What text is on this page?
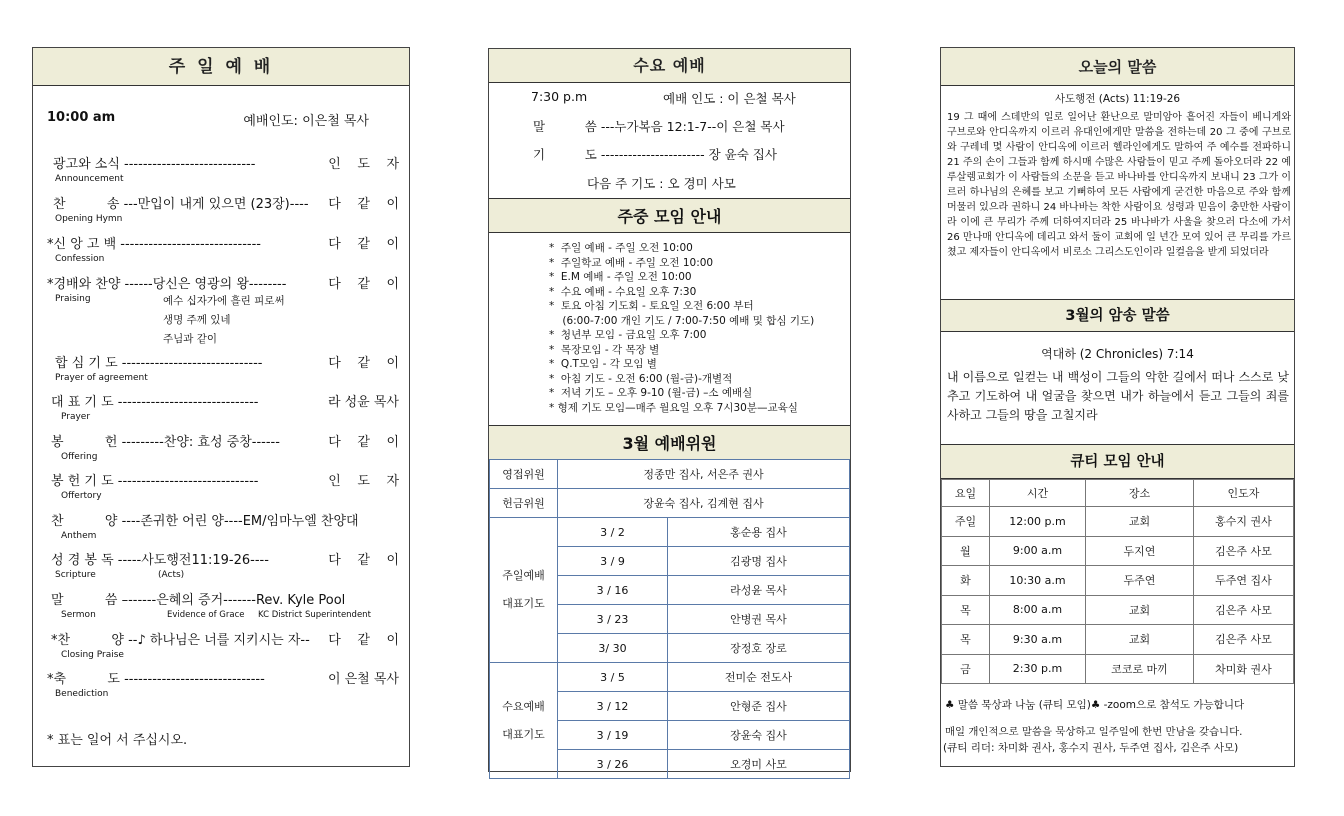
주 일 예 배
10:00 am	예배인도: 이은철 목사
광고와 소식 ----------------------------	인    도    자
Announcement
찬          송 ---만입이 내게 있으면 (23장)---- 다    같    이
Opening Hymn
*신 앙 고 백 ------------------------------	다    같    이
Confession
*경배와 찬양 ------당신은 영광의 왕--------	다    같    이
Praising	예수 십자가에 흘린 피로써
생명 주께 있네
주님과 같이
합 심 기 도 ------------------------------	다    같    이
Prayer of agreement
대 표 기 도 ------------------------------	라 성윤 목사
Prayer
봉          헌 ---------찬양: 효성 중창------	다    같    이
Offering
봉 헌 기 도 ------------------------------	인    도    자
Offertory
찬          양 ----존귀한 어린 양----EM/임마누엘 찬양대
Anthem
성 경 봉 독 -----사도행전11:19-26----	다    같    이
Scripture	(Acts)
말          씀 –------은혜의 증거-------Rev. Kyle Pool
Sermon	Evidence of Grace     KC District Superintendent
*찬          양 --♪ 하나님은 너를 지키시는 자-- 다    같    이
Closing Praise
*축          도 ------------------------------	이 은철 목사
Benediction
* 표는 일어 서 주십시오.
수요 예배
7:30 p.m	예배 인도 : 이 은철 목사
말          씀 ---누가복음 12:1-7--이 은철 목사
기          도 ----------------------- 장 윤숙 집사
다음 주 기도 : 오 경미 사모
주중 모임 안내
*  주일 예배 - 주일 오전 10:00
*  주일학교 예배 - 주일 오전 10:00
*  E.M 예배 - 주일 오전 10:00
*  수요 예배 - 수요일 오후 7:30
*  토요 아침 기도회 - 토요일 오전 6:00 부터
(6:00-7:00 개인 기도 / 7:00-7:50 예배 및 합심 기도)
*  청년부 모임 - 금요일 오후 7:00
*  목장모임 - 각 목장 별
*  Q.T모임 - 각 모임 별
*  아침 기도 - 오전 6:00 (월-금)-개별적
*  저녁 기도 – 오후 9-10 (월-금) –소 예배실
* 형제 기도 모임—매주 월요일 오후 7시30분—교육실
3월 예배위원
영접위원	정종만 집사, 서은주 권사	
헌금위원	장윤숙 집사, 김계현 집사	

주일예배
대표기도	3 / 2	홍순용 집사
	3 / 9	김광명 집사
	3 / 16	라성윤 목사
	3 / 23	안병권 목사
	3/ 30	장정호 장로

수요예배
대표기도	3 / 5	전미순 전도사
	3 / 12	안형준 집사
	3 / 19	장윤숙 집사
	3 / 26	오경미 사모
오늘의 말씀
사도행전 (Acts) 11:19-26
19 그 때에 스데반의 일로 일어난 환난으로 말미암아 흩어진 자들이 베니게와 구브로와 안디옥까지 이르러 유대인에게만 말씀을 전하는데 20 그 중에 구브로와 구레네 몇 사람이 안디옥에 이르러 헬라인에게도 말하여 주 예수를 전파하니 21 주의 손이 그들과 함께 하시매 수많은 사람들이 믿고 주께 돌아오더라 22 예루살렘교회가 이 사람들의 소문을 듣고 바나바를 안디옥까지 보내니 23 그가 이르러 하나님의 은혜를 보고 기뻐하여 모든 사람에게 굳건한 마음으로 주와 함께 머물러 있으라 권하니 24 바나바는 착한 사람이요 성령과 믿음이 충만한 사람이라 이에 큰 무리가 주께 더하여지더라 25 바나바가 사울을 찾으러 다소에 가서 26 만나매 안디옥에 데리고 와서 둘이 교회에 일 년간 모여 있어 큰 무리를 가르쳤고 제자들이 안디옥에서 비로소 그리스도인이라 일컬음을 받게 되었더라
3월의 암송 말씀
역대하 (2 Chronicles) 7:14
내 이름으로 일컫는 내 백성이 그들의 악한 길에서 떠나 스스로 낮추고 기도하여 내 얼굴을 찾으면 내가 하늘에서 듣고 그들의 죄를 사하고 그들의 땅을 고칠지라
큐티 모임 안내
요일	시간	장소	인도자
주일	12:00 p.m	교회	홍수지 권사
월	9:00 a.m	두지연	김은주 사모
화	10:30 a.m	두주연	두주연 집사
목	8:00 a.m	교회	김은주 사모
목	9:30 a.m	교회	김은주 사모
금	2:30 p.m	코코로 마끼	차미화 권사
♣ 말씀 묵상과 나눔 (큐티 모임)♣ -zoom으로 참석도 가능합니다
매일 개인적으로 말씀을 묵상하고 일주일에 한번 만남을 갖습니다.
(큐티 리더: 차미화 권사, 홍수지 권사, 두주연 집사, 김은주 사모)
